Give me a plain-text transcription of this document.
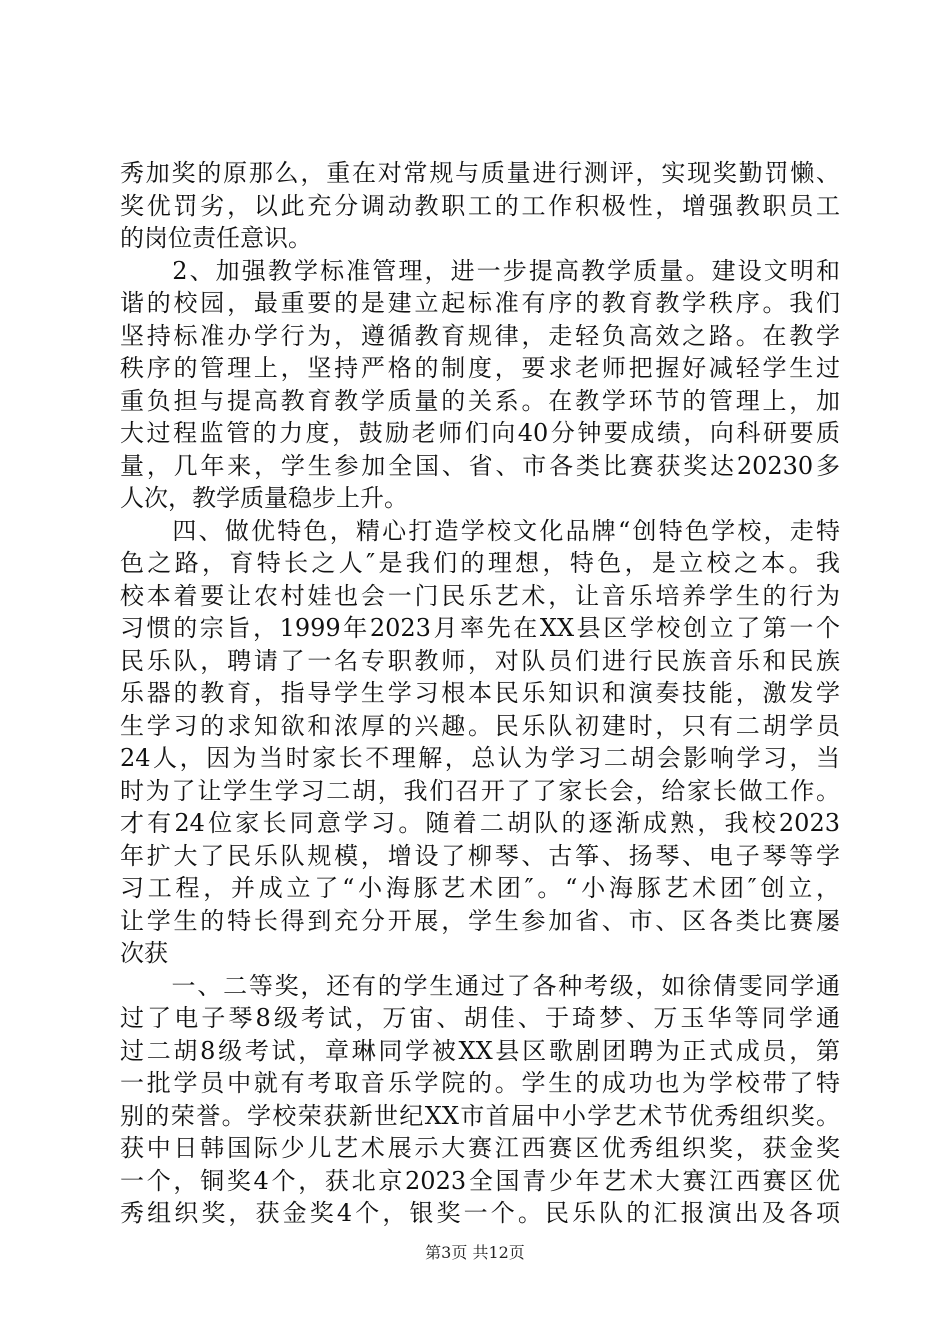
秀加奖的原那么，重在对常规与质量进行测评，实现奖勤罚懒、
奖优罚劣，以此充分调动教职工的工作积极性，增强教职员工
的岗位责任意识。
　　2、加强教学标准管理，进一步提高教学质量。建设文明和
谐的校园，最重要的是建立起标准有序的教育教学秩序。我们
坚持标准办学行为，遵循教育规律，走轻负高效之路。在教学
秩序的管理上，坚持严格的制度，要求老师把握好减轻学生过
重负担与提高教育教学质量的关系。在教学环节的管理上，加
大过程监管的力度，鼓励老师们向40分钟要成绩，向科研要质
量，几年来，学生参加全国、省、市各类比赛获奖达20230多
人次，教学质量稳步上升。
　　四、做优特色，精心打造学校文化品牌“创特色学校，走特
色之路，育特长之人″是我们的理想，特色，是立校之本。我
校本着要让农村娃也会一门民乐艺术，让音乐培养学生的行为
习惯的宗旨，1999年2023月率先在XX县区学校创立了第一个
民乐队，聘请了一名专职教师，对队员们进行民族音乐和民族
乐器的教育，指导学生学习根本民乐知识和演奏技能，激发学
生学习的求知欲和浓厚的兴趣。民乐队初建时，只有二胡学员
24人，因为当时家长不理解，总认为学习二胡会影响学习，当
时为了让学生学习二胡，我们召开了了家长会，给家长做工作。
才有24位家长同意学习。随着二胡队的逐渐成熟，我校2023
年扩大了民乐队规模，增设了柳琴、古筝、扬琴、电子琴等学
习工程，并成立了“小海豚艺术团″。“小海豚艺术团″创立，
让学生的特长得到充分开展，学生参加省、市、区各类比赛屡
次获
　　一、二等奖，还有的学生通过了各种考级，如徐倩雯同学通
过了电子琴8级考试，万宙、胡佳、于琦梦、万玉华等同学通
过二胡8级考试，章琳同学被XX县区歌剧团聘为正式成员，第
一批学员中就有考取音乐学院的。学生的成功也为学校带了特
别的荣誉。学校荣获新世纪XX市首届中小学艺术节优秀组织奖。
获中日韩国际少儿艺术展示大赛江西赛区优秀组织奖，获金奖
一个，铜奖4个，获北京2023全国青少年艺术大赛江西赛区优
秀组织奖，获金奖4个，银奖一个。民乐队的汇报演出及各项
第3页 共12页
